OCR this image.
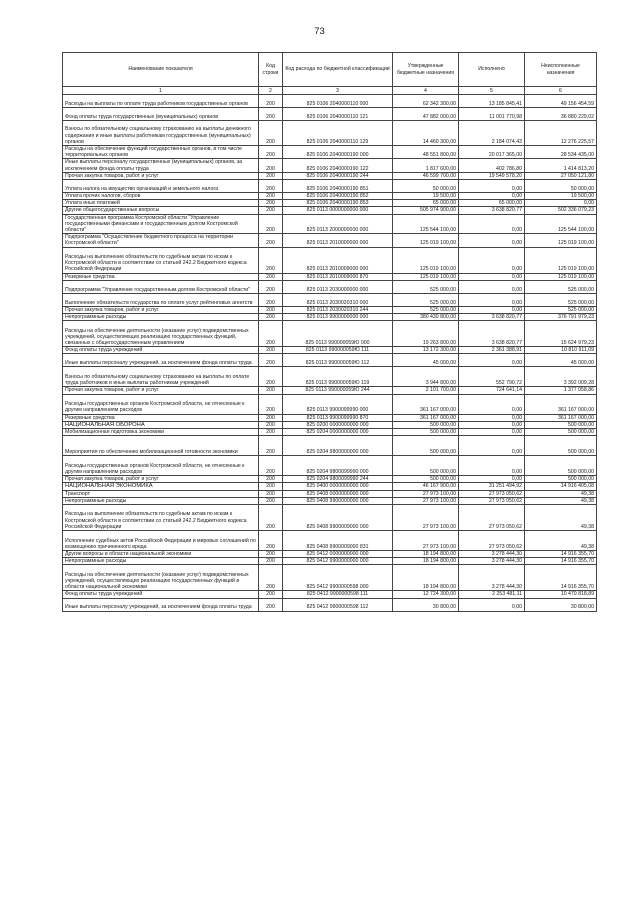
73
Наименование показателя	Код строки	Код расхода по бюджетной классификации	Утвержденные бюджетные назначения	Исполнено	Неисполненные назначения
1	2	3	4	5	6
Расходы на выплаты по оплате труда работников государственных органов	200	825 0106 2040000110 000	62 342 300,00	13 185 845,41	49 156 454,59
Фонд оплаты труда государственных (муниципальных) органов	200	825 0106 2040000110 121	47 882 000,00	11 001 770,98	36 880 229,02
Взносы по обязательному социальному страхованию на выплаты денежного содержания и иные выплаты работникам государственных (муниципальных) органов	200	825 0106 2040000110 129	14 460 300,00	2 184 074,43	12 276 225,57
Расходы на обеспечение функций государственных органов, в том числе территориальных органов	200	825 0106 2040000190 000	48 551 800,00	20 017 365,00	28 534 435,00
Иные выплаты персоналу государственных (муниципальных) органов, за исключением фонда оплаты труда	200	825 0106 2040000190 122	1 817 600,00	402 786,80	1 414 813,20
Прочая закупка товаров, работ и услуг	200	825 0106 2040000190 244	46 599 700,00	19 549 578,20	27 050 121,80
Уплата налога на имущество организаций и земельного налога	200	825 0106 2040000190 851	50 000,00	0,00	50 000,00
Уплата прочих налогов, сборов	200	825 0106 2040000190 852	19 500,00	0,00	19 500,00
Уплата иных платежей	200	825 0106 2040000190 853	65 000,00	65 000,00	0,00
Другие общегосударственные вопросы	200	825 0113 0000000000 000	505 974 900,00	3 638 820,77	502 336 079,23
Государственная программа Костромской области "Управление государственными финансами и государственным долгом Костромской области"	200	825 0113 2000000000 000	125 544 100,00	0,00	125 544 100,00
Подпрограмма "Осуществление бюджетного процесса на территории Костромской области"	200	825 0113 2010000000 000	125 019 100,00	0,00	125 019 100,00
Расходы на выполнение обязательств по судебным актам по искам к Костромской области в соответствии со статьей 242.2 Бюджетного кодекса Российской Федерации	200	825 0113 2010009000 000	125 019 100,00	0,00	125 019 100,00
Резервные средства	200	825 0113 2010009000 870	125 019 100,00	0,00	125 019 100,00
Подпрограмма "Управление государственным долгом Костромской области"	200	825 0113 2030000000 000	525 000,00	0,00	525 000,00
Выполнение обязательств государства по оплате услуг рейтинговых агентств	200	825 0113 2030020310 000	525 000,00	0,00	525 000,00
Прочая закупка товаров, работ и услуг	200	825 0113 2030020310 244	525 000,00	0,00	525 000,00
Непрограммные расходы	200	825 0113 9900000000 000	380 430 800,00	3 638 820,77	376 791 979,23
Расходы на обеспечение деятельности (оказание услуг) подведомственных учреждений, осуществляющих реализацию государственных функций, связанных с общегосударственным управлением	200	825 0113 990000059Ю 000	19 263 800,00	3 638 820,77	15 624 979,23
Фонд оплаты труда учреждений	200	825 0113 990000059Ю 111	13 172 300,00	2 361 388,91	10 810 911,09
Иные выплаты персоналу учреждений, за исключением фонда оплаты труда	200	825 0113 990000059Ю 112	45 000,00	0,00	45 000,00
Взносы по обязательному социальному страхованию на выплаты по оплате труда работников и иные выплаты работникам учреждений	200	825 0113 990000059Ю 119	3 944 800,00	552 790,72	3 392 009,28
Прочая закупка товаров, работ и услуг	200	825 0113 990000059Ю 244	2 101 700,00	724 641,14	1 377 058,86
Расходы государственных органов Костромской области, не отнесенные к другим направлениям расходов	200	825 0113 9900099990 000	361 167 000,00	0,00	361 167 000,00
Резервные средства	200	825 0113 9900099990 870	361 167 000,00	0,00	361 167 000,00
НАЦИОНАЛЬНАЯ ОБОРОНА	200	825 0200 0000000000 000	500 000,00	0,00	500 000,00
Мобилизационная подготовка экономики	200	825 0204 0000000000 000	500 000,00	0,00	500 000,00
Мероприятия по обеспечению мобилизационной готовности экономики	200	825 0204 9800000000 000	500 000,00	0,00	500 000,00
Расходы государственных органов Костромской области, не отнесенные к другим направлениям расходов	200	825 0204 9800099990 000	500 000,00	0,00	500 000,00
Прочая закупка товаров, работ и услуг	200	825 0204 9800099990 244	500 000,00	0,00	500 000,00
НАЦИОНАЛЬНАЯ ЭКОНОМИКА	200	825 0400 0000000000 000	46 167 900,00	31 251 494,92	14 916 405,08
Транспорт	200	825 0408 0000000000 000	27 973 100,00	27 973 050,62	49,38
Непрограммные расходы	200	825 0408 9900000000 000	27 973 100,00	27 973 050,62	49,38
Расходы на выполнение обязательств по судебным актам по искам к Костромской области в соответствии со статьей 242.2 Бюджетного кодекса Российской Федерации	200	825 0408 9900009000 000	27 973 100,00	27 973 050,62	49,38
Исполнение судебных актов Российской Федерации и мировых соглашений по возмещению причиненного вреда	200	825 0408 9900009000 831	27 973 100,00	27 973 050,62	49,38
Другие вопросы в области национальной экономики	200	825 0412 0000000000 000	18 194 800,00	3 278 444,30	14 916 355,70
Непрограммные расходы	200	825 0412 9900000000 000	18 194 800,00	3 278 444,30	14 916 355,70
Расходы на обеспечение деятельности (оказание услуг) подведомственных учреждений, осуществляющих реализацию государственных функций в области национальной экономики	200	825 0412 9900000598 000	18 194 800,00	3 278 444,30	14 916 355,70
Фонд оплаты труда учреждений	200	825 0412 9900000598 111	12 724 300,00	2 253 481,11	10 470 818,89
Иные выплаты персоналу учреждений, за исключением фонда оплаты труда	200	825 0412 9900000598 112	30 800,00	0,00	30 800,00
